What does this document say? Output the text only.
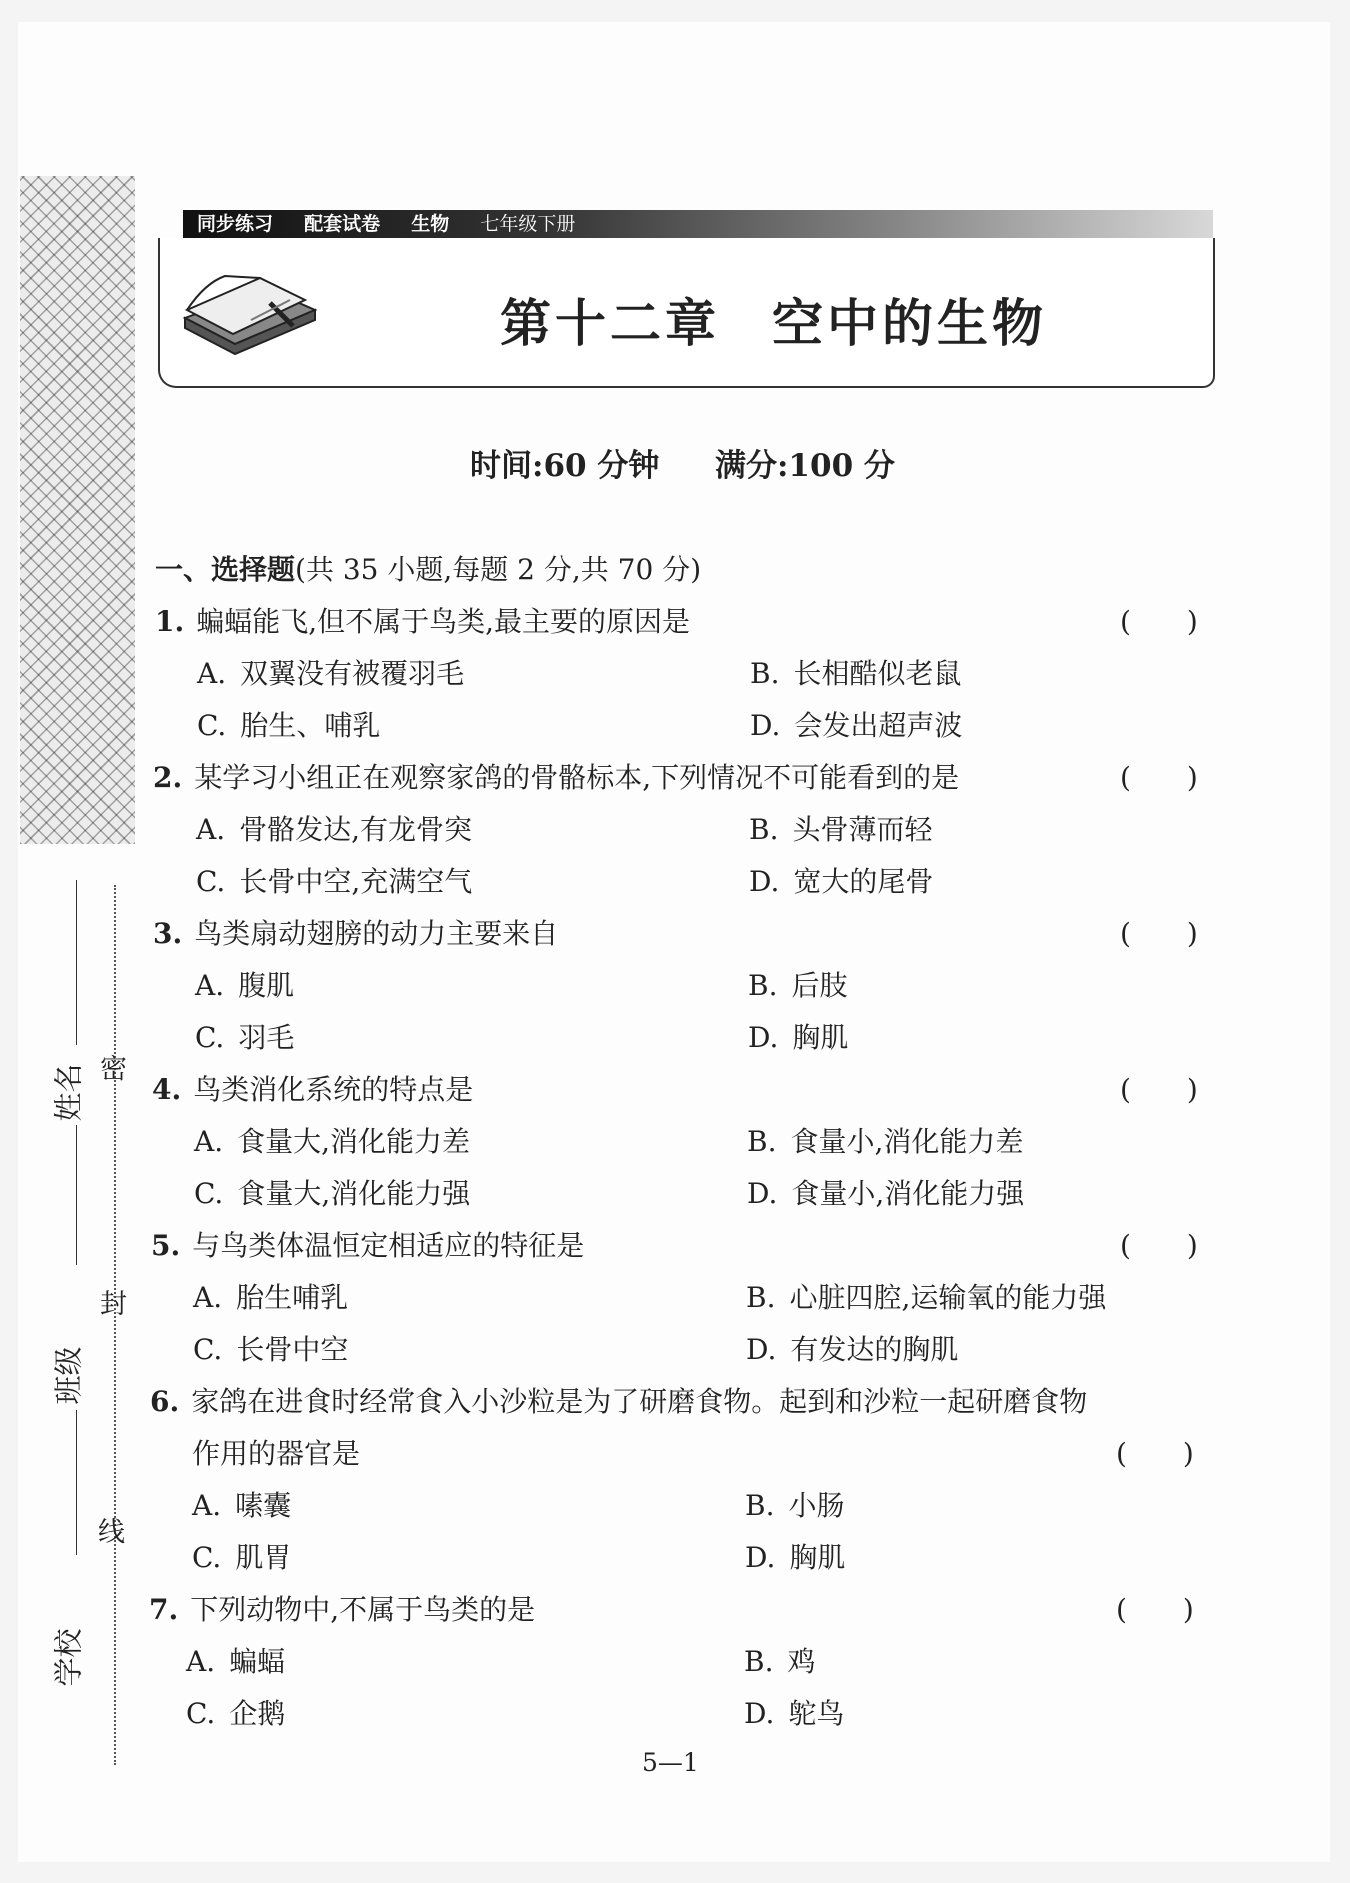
姓名
班级
学校
密
封
线
同步练习 配套试卷 生物 七年级下册
第十二章 空中的生物
时间:60 分钟 满分:100 分
一、选择题(共 35 小题,每题 2 分,共 70 分)
1. 蝙蝠能飞,但不属于鸟类,最主要的原因是	(　　)
A. 双翼没有被覆羽毛	B. 长相酷似老鼠
C. 胎生、哺乳	D. 会发出超声波
2. 某学习小组正在观察家鸽的骨骼标本,下列情况不可能看到的是	(　　)
A. 骨骼发达,有龙骨突	B. 头骨薄而轻
C. 长骨中空,充满空气	D. 宽大的尾骨
3. 鸟类扇动翅膀的动力主要来自	(　　)
A. 腹肌	B. 后肢
C. 羽毛	D. 胸肌
4. 鸟类消化系统的特点是	(　　)
A. 食量大,消化能力差	B. 食量小,消化能力差
C. 食量大,消化能力强	D. 食量小,消化能力强
5. 与鸟类体温恒定相适应的特征是	(　　)
A. 胎生哺乳	B. 心脏四腔,运输氧的能力强
C. 长骨中空	D. 有发达的胸肌
6. 家鸽在进食时经常食入小沙粒是为了研磨食物。起到和沙粒一起研磨食物
作用的器官是	(　　)
A. 嗉囊	B. 小肠
C. 肌胃	D. 胸肌
7. 下列动物中,不属于鸟类的是	(　　)
A. 蝙蝠	B. 鸡
C. 企鹅	D. 鸵鸟
5—1
